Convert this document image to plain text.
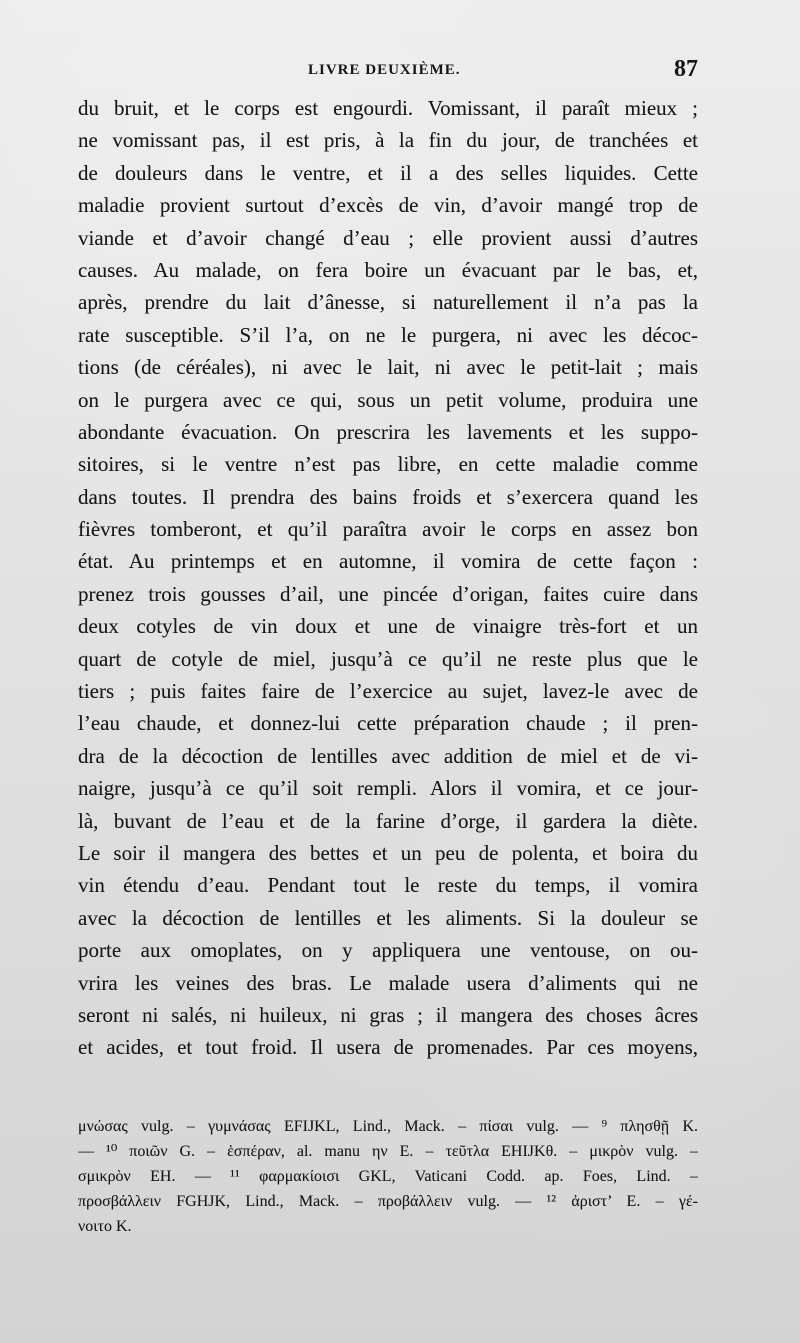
LIVRE DEUXIÈME.	87
du bruit, et le corps est engourdi. Vomissant, il paraît mieux ;
ne vomissant pas, il est pris, à la fin du jour, de tranchées et
de douleurs dans le ventre, et il a des selles liquides. Cette
maladie provient surtout d’excès de vin, d’avoir mangé trop de
viande et d’avoir changé d’eau ; elle provient aussi d’autres
causes. Au malade, on fera boire un évacuant par le bas, et,
après, prendre du lait d’ânesse, si naturellement il n’a pas la
rate susceptible. S’il l’a, on ne le purgera, ni avec les décoc-
tions (de céréales), ni avec le lait, ni avec le petit-lait ; mais
on le purgera avec ce qui, sous un petit volume, produira une
abondante évacuation. On prescrira les lavements et les suppo-
sitoires, si le ventre n’est pas libre, en cette maladie comme
dans toutes. Il prendra des bains froids et s’exercera quand les
fièvres tomberont, et qu’il paraîtra avoir le corps en assez bon
état. Au printemps et en automne, il vomira de cette façon :
prenez trois gousses d’ail, une pincée d’origan, faites cuire dans
deux cotyles de vin doux et une de vinaigre très-fort et un
quart de cotyle de miel, jusqu’à ce qu’il ne reste plus que le
tiers ; puis faites faire de l’exercice au sujet, lavez-le avec de
l’eau chaude, et donnez-lui cette préparation chaude ; il pren-
dra de la décoction de lentilles avec addition de miel et de vi-
naigre, jusqu’à ce qu’il soit rempli. Alors il vomira, et ce jour-
là, buvant de l’eau et de la farine d’orge, il gardera la diète.
Le soir il mangera des bettes et un peu de polenta, et boira du
vin étendu d’eau. Pendant tout le reste du temps, il vomira
avec la décoction de lentilles et les aliments. Si la douleur se
porte aux omoplates, on y appliquera une ventouse, on ou-
vrira les veines des bras. Le malade usera d’aliments qui ne
seront ni salés, ni huileux, ni gras ; il mangera des choses âcres
et acides, et tout froid. Il usera de promenades. Par ces moyens,
μνώσας vulg. – γυμνάσας EFIJKL, Lind., Mack. – πίσαι vulg. — ⁹ πλησθῇ K.
— ¹⁰ ποιῶν G. – ἑσπέραν, al. manu ην E. – τεῦτλα EHIJKθ. – μικρὸν vulg. –
σμικρὸν EH. — ¹¹ φαρμακίοισι GKL, Vaticani Codd. ap. Foes, Lind. –
προσβάλλειν FGHJK, Lind., Mack. – προβάλλειν vulg. — ¹² ἀριστ’ E. – γέ-
νοιτο K.
